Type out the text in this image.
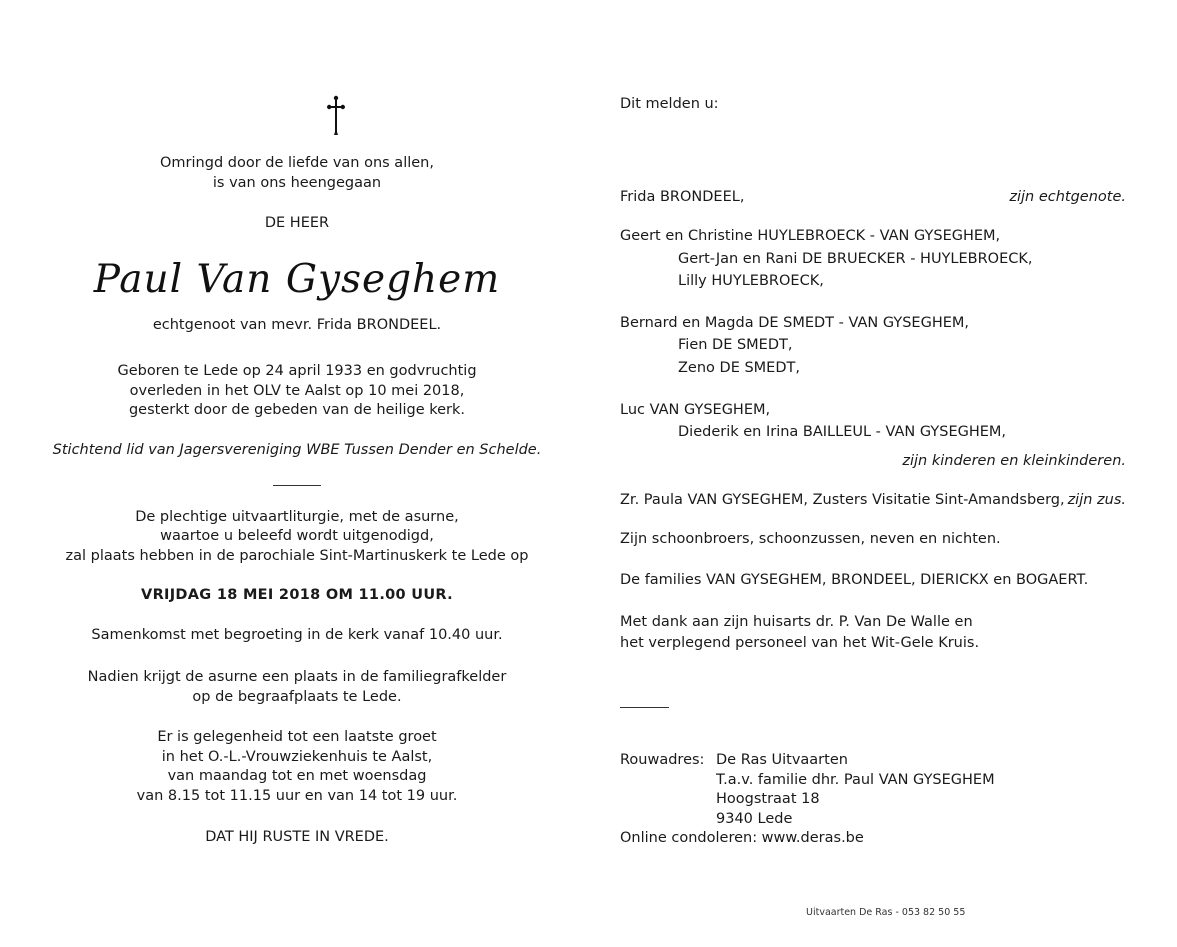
Omringd door de liefde van ons allen,
is van ons heengegaan
DE HEER
Paul Van Gyseghem
echtgenoot van mevr. Frida BRONDEEL.
Geboren te Lede op 24 april 1933 en godvruchtig
overleden in het OLV te Aalst op 10 mei 2018,
gesterkt door de gebeden van de heilige kerk.
Stichtend lid van Jagersvereniging WBE Tussen Dender en Schelde.
De plechtige uitvaartliturgie, met de asurne,
waartoe u beleefd wordt uitgenodigd,
zal plaats hebben in de parochiale Sint-Martinuskerk te Lede op
VRIJDAG 18 MEI 2018 OM 11.00 UUR.
Samenkomst met begroeting in de kerk vanaf 10.40 uur.
Nadien krijgt de asurne een plaats in de familiegrafkelder
op de begraafplaats te Lede.
Er is gelegenheid tot een laatste groet
in het O.-L.-Vrouwziekenhuis te Aalst,
van maandag tot en met woensdag
van 8.15 tot 11.15 uur en van 14 tot 19 uur.
DAT HIJ RUSTE IN VREDE.
Dit melden u:
Frida BRONDEEL,	zijn echtgenote.
Geert en Christine HUYLEBROECK - VAN GYSEGHEM,
Gert-Jan en Rani DE BRUECKER - HUYLEBROECK,
Lilly HUYLEBROECK,
Bernard en Magda DE SMEDT - VAN GYSEGHEM,
Fien DE SMEDT,
Zeno DE SMEDT,
Luc VAN GYSEGHEM,
Diederik en Irina BAILLEUL - VAN GYSEGHEM,
zijn kinderen en kleinkinderen.
Zr. Paula VAN GYSEGHEM, Zusters Visitatie Sint-Amandsberg, zijn zus.
Zijn schoonbroers, schoonzussen, neven en nichten.
De families VAN GYSEGHEM, BRONDEEL, DIERICKX en BOGAERT.
Met dank aan zijn huisarts dr. P. Van De Walle en
het verplegend personeel van het Wit-Gele Kruis.
Rouwadres: De Ras Uitvaarten
T.a.v. familie dhr. Paul VAN GYSEGHEM
Hoogstraat 18
9340 Lede
Online condoleren: www.deras.be
Uitvaarten De Ras - 053 82 50 55
